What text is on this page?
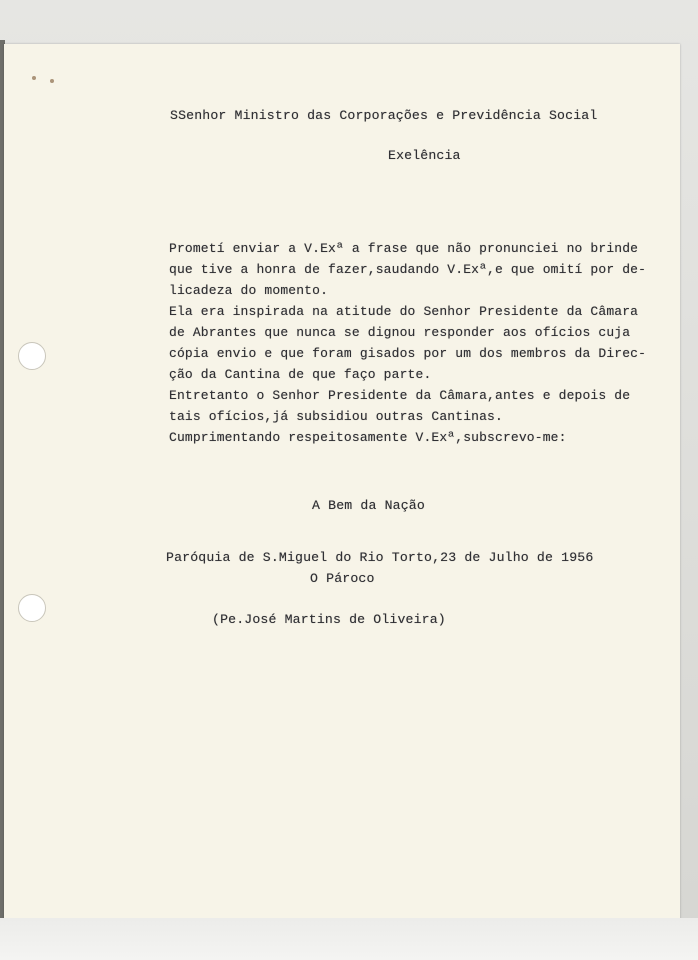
SSenhor Ministro das Corporações e Previdência Social
Exelência
Prometí enviar a V.Exª a frase que não pronunciei no brinde
que tive a honra de fazer,saudando V.Exª,e que omití por de-
licadeza do momento.
Ela era inspirada na atitude do Senhor Presidente da Câmara
de Abrantes que nunca se dignou responder aos ofícios cuja
cópia envio e que foram gisados por um dos membros da Direc-
ção da Cantina de que faço parte.
Entretanto o Senhor Presidente da Câmara,antes e depois de
tais ofícios,já subsidiou outras Cantinas.
Cumprimentando respeitosamente V.Exª,subscrevo-me:
A Bem da Nação
Paróquia de S.Miguel do Rio Torto,23 de Julho de 1956
O Pároco
(Pe.José Martins de Oliveira)
